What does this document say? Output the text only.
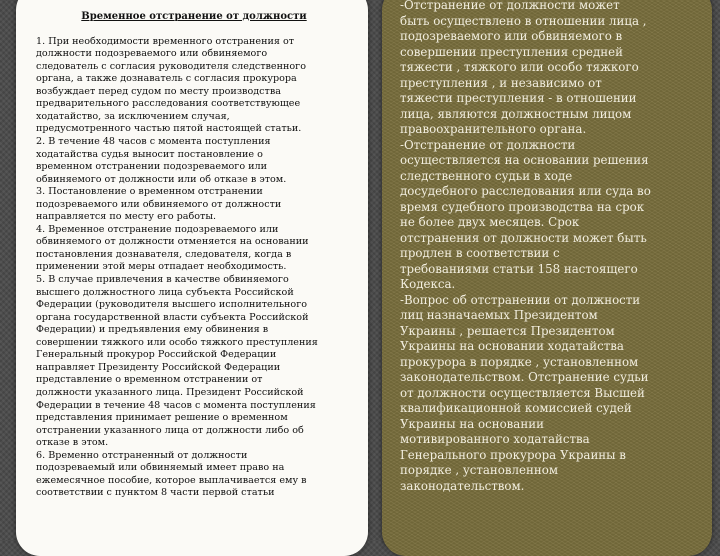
Временное отстранение от должности

1. При необходимости временного отстранения от
должности подозреваемого или обвиняемого
следователь с согласия руководителя следственного
органа, а также дознаватель с согласия прокурора
возбуждает перед судом по месту производства
предварительного расследования соответствующее
ходатайство, за исключением случая,
предусмотренного частью пятой настоящей статьи.
2. В течение 48 часов с момента поступления
ходатайства судья выносит постановление о
временном отстранении подозреваемого или
обвиняемого от должности или об отказе в этом.
3. Постановление о временном отстранении
подозреваемого или обвиняемого от должности
направляется по месту его работы.
4. Временное отстранение подозреваемого или
обвиняемого от должности отменяется на основании
постановления дознавателя, следователя, когда в
применении этой меры отпадает необходимость.
5. В случае привлечения в качестве обвиняемого
высшего должностного лица субъекта Российской
Федерации (руководителя высшего исполнительного
органа государственной власти субъекта Российской
Федерации) и предъявления ему обвинения в
совершении тяжкого или особо тяжкого преступления
Генеральный прокурор Российской Федерации
направляет Президенту Российской Федерации
представление о временном отстранении от
должности указанного лица. Президент Российской
Федерации в течение 48 часов с момента поступления
представления принимает решение о временном
отстранении указанного лица от должности либо об
отказе в этом.
6. Временно отстраненный от должности
подозреваемый или обвиняемый имеет право на
ежемесячное пособие, которое выплачивается ему в
соответствии с пунктом 8 части первой статьи

-Отстранение от должности может
быть осуществлено в отношении лица ,
подозреваемого или обвиняемого в
совершении преступления средней
тяжести , тяжкого или особо тяжкого
преступления , и независимо от
тяжести преступления - в отношении
лица, являются должностным лицом
правоохранительного органа.
-Отстранение от должности
осуществляется на основании решения
следственного судьи в ходе
досудебного расследования или суда во
время судебного производства на срок
не более двух месяцев. Срок
отстранения от должности может быть
продлен в соответствии с
требованиями статьи 158 настоящего
Кодекса.
-Вопрос об отстранении от должности
лиц назначаемых Президентом
Украины , решается Президентом
Украины на основании ходатайства
прокурора в порядке , установленном
законодательством. Отстранение судьи
от должности осуществляется Высшей
квалификационной комиссией судей
Украины на основании
мотивированного ходатайства
Генерального прокурора Украины в
порядке , установленном
законодательством.
